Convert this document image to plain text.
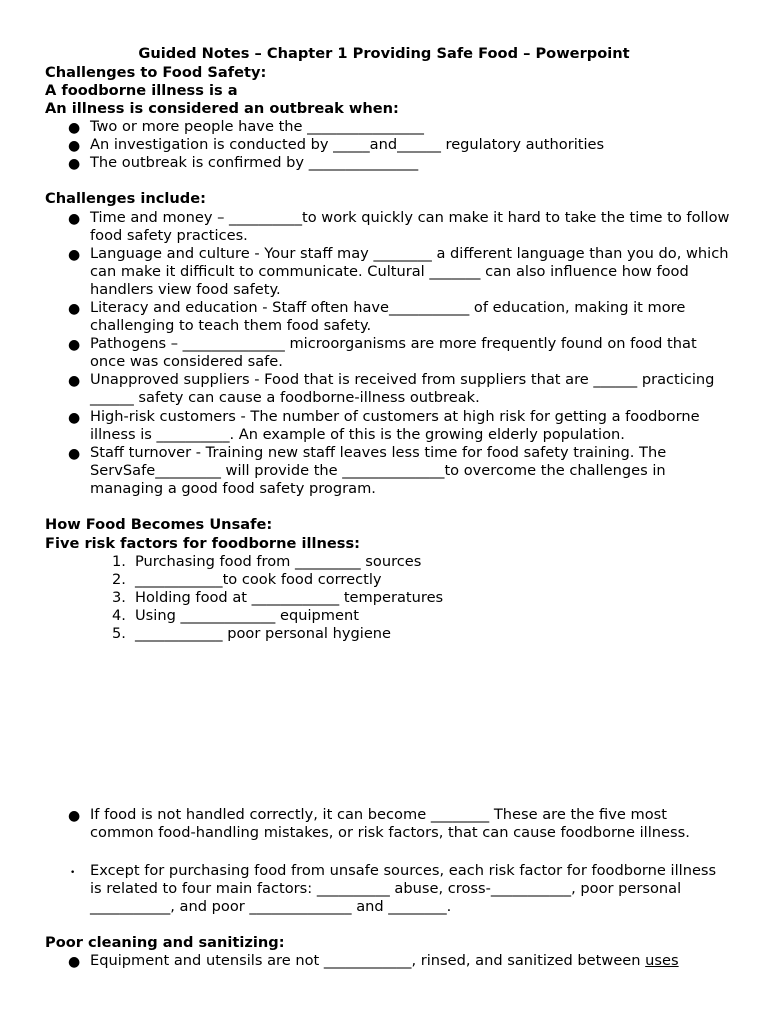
Guided Notes – Chapter 1 Providing Safe Food – Powerpoint
Challenges to Food Safety:
A foodborne illness is a
An illness is considered an outbreak when:
● Two or more people have the ________________
● An investigation is conducted by _____and______ regulatory authorities
● The outbreak is confirmed by _______________
Challenges include:
● Time and money – __________to work quickly can make it hard to take the time to follow food safety practices.
● Language and culture - Your staff may ________ a different language than you do, which can make it difficult to communicate. Cultural _______ can also influence how food handlers view food safety.
● Literacy and education - Staff often have___________ of education, making it more challenging to teach them food safety.
● Pathogens – ______________ microorganisms are more frequently found on food that once was considered safe.
● Unapproved suppliers - Food that is received from suppliers that are ______ practicing ______ safety can cause a foodborne-illness outbreak.
● High-risk customers - The number of customers at high risk for getting a foodborne illness is __________. An example of this is the growing elderly population.
● Staff turnover - Training new staff leaves less time for food safety training. The ServSafe_________ will provide the ______________to overcome the challenges in managing a good food safety program.
How Food Becomes Unsafe:
Five risk factors for foodborne illness:
1. Purchasing food from _________ sources
2. ____________to cook food correctly
3. Holding food at ____________ temperatures
4. Using _____________ equipment
5. ____________ poor personal hygiene
● If food is not handled correctly, it can become ________ These are the five most common food-handling mistakes, or risk factors, that can cause foodborne illness.
• Except for purchasing food from unsafe sources, each risk factor for foodborne illness is related to four main factors: __________ abuse, cross-___________, poor personal ___________, and poor ______________ and ________.
Poor cleaning and sanitizing:
● Equipment and utensils are not ____________, rinsed, and sanitized between uses
